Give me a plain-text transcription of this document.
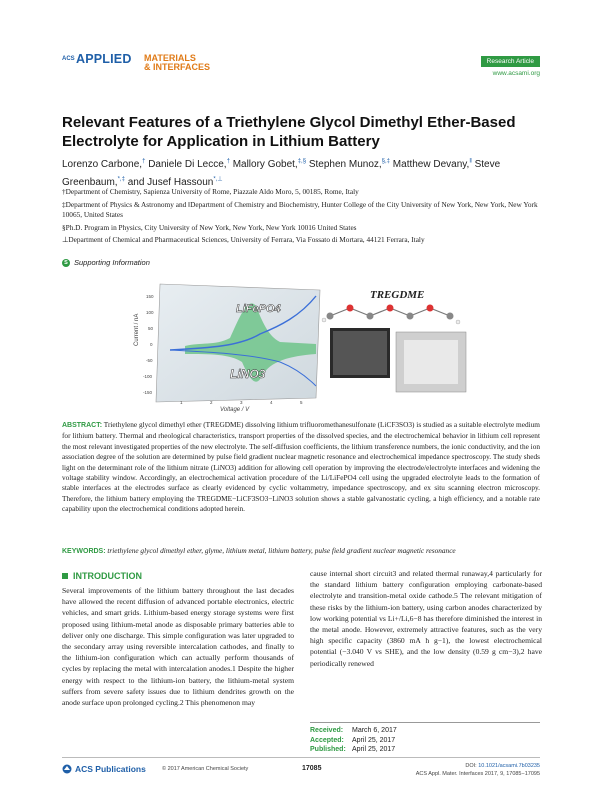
ACS APPLIED MATERIALS
& INTERFACES
Research Article
www.acsami.org
Relevant Features of a Triethylene Glycol Dimethyl Ether-Based Electrolyte for Application in Lithium Battery
Lorenzo Carbone,† Daniele Di Lecce,† Mallory Gobet,‡,§ Stephen Munoz,§,‡ Matthew Devany,‖ Steve Greenbaum,*,‡ and Jusef Hassoun*,⊥

†Department of Chemistry, Sapienza University of Rome, Piazzale Aldo Moro, 5, 00185, Rome, Italy

‡Department of Physics & Astronomy and ‖Department of Chemistry and Biochemistry, Hunter College of the City University of New York, New York, New York 10065, United States

§Ph.D. Program in Physics, City University of New York, New York, New York 10016 United States

⊥Department of Chemical and Pharmaceutical Sciences, University of Ferrara, Via Fossato di Mortara, 44121 Ferrara, Italy

S Supporting Information
Current / nA
Voltage / V
150
100
50
0
-50
-100
-150
1	2	3	4	5
LiFePO4
LiNO3
TREGDME
ABSTRACT: Triethylene glycol dimethyl ether (TREGDME) dissolving lithium trifluoromethanesulfonate (LiCF3SO3) is studied as a suitable electrolyte medium for lithium battery. Thermal and rheological characteristics, transport properties of the dissolved species, and the electrochemical behavior in lithium cell represent the most relevant investigated properties of the new electrolyte. The self-diffusion coefficients, the lithium transference numbers, the ionic conductivity, and the ion association degree of the solution are determined by pulse field gradient nuclear magnetic resonance and electrochemical impedance spectroscopy. The study sheds light on the determinant role of the lithium nitrate (LiNO3) addition for allowing cell operation by improving the electrode/electrolyte interfaces and widening the voltage stability window. Accordingly, an electrochemical activation procedure of the Li/LiFePO4 cell using the upgraded electrolyte leads to the formation of stable interfaces at the electrodes surface as clearly evidenced by cyclic voltammetry, impedance spectroscopy, and ex situ scanning electron microscopy. Therefore, the lithium battery employing the TREGDME−LiCF3SO3−LiNO3 solution shows a stable galvanostatic cycling, a high efficiency, and a notable rate capability upon the electrochemical conditions adopted herein.
KEYWORDS: triethylene glycol dimethyl ether, glyme, lithium metal, lithium battery, pulse field gradient nuclear magnetic resonance
INTRODUCTION
Several improvements of the lithium battery throughout the last decades have allowed the recent diffusion of advanced portable electronics, electric vehicles, and smart grids. Lithium-based energy storage systems were first proposed using lithium-metal anode as disposable primary batteries able to deliver only one discharge. This simple configuration was later upgraded to the secondary array using reversible intercalation cathodes, and finally to the lithium-ion configuration which can actually perform thousands of cycles by replacing the metal with intercalation anodes.1 Despite the higher energy with respect to the lithium-ion battery, the lithium-metal system suffers from severe safety issues due to lithium dendrites growth on the anode surface upon prolonged cycling.2 This phenomenon may
cause internal short circuit3 and related thermal runaway,4 particularly for the standard lithium battery configuration employing carbonate-based electrolyte and transition-metal oxide cathode.5 The relevant mitigation of these risks by the lithium-ion battery, using carbon anodes characterized by low working potential vs Li+/Li,6−8 has therefore diminished the interest in the metal anode. However, extremely attractive features, such as the very high specific capacity (3860 mA h g−1), the lowest electrochemical potential (−3.040 V vs SHE), and the low density (0.59 g cm−3),2 have periodically renewed
Received: March 6, 2017
Accepted: April 25, 2017
Published: April 25, 2017
ACS Publications	© 2017 American Chemical Society	17085	DOI: 10.1021/acsami.7b03235
ACS Appl. Mater. Interfaces 2017, 9, 17085−17095
